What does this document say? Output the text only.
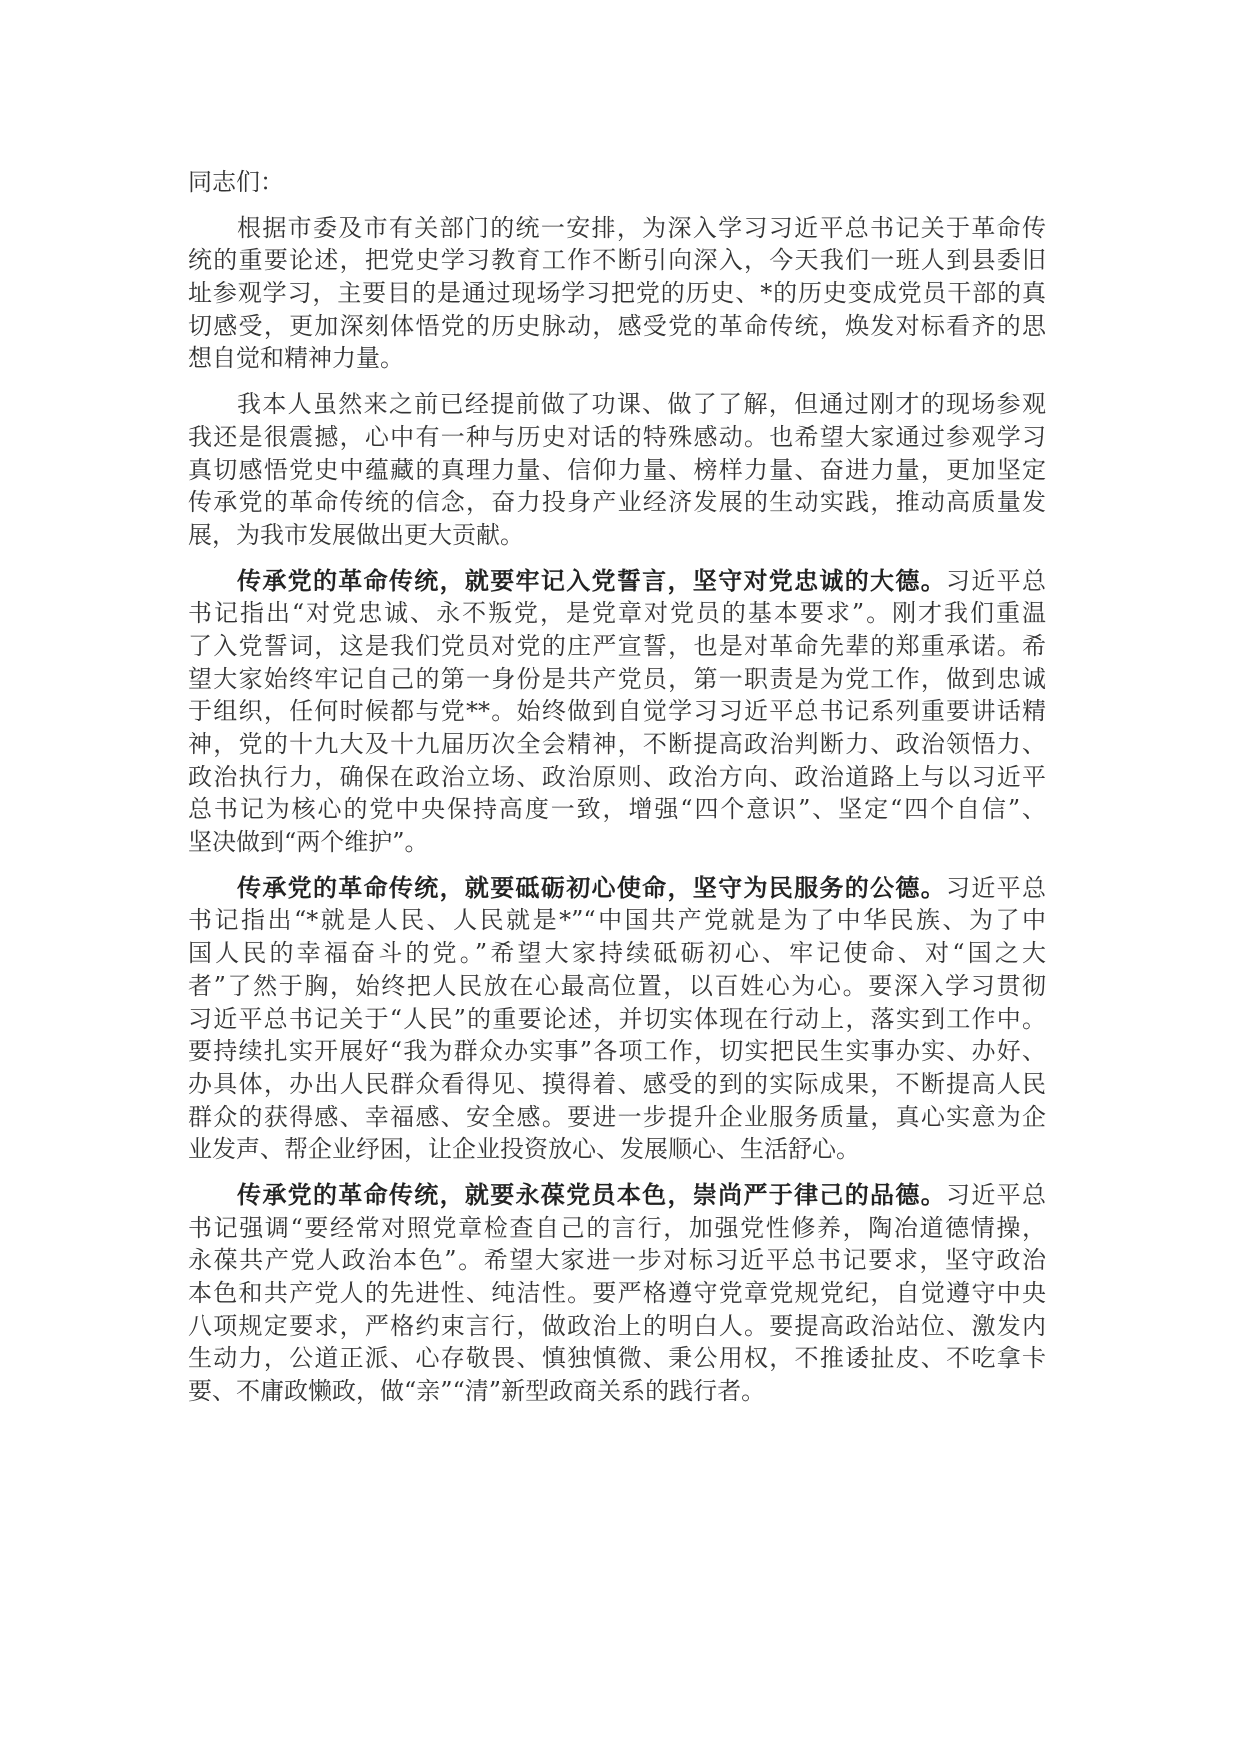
同志们：
根据市委及市有关部门的统一安排，为深入学习习近平总书记关于革命传
统的重要论述，把党史学习教育工作不断引向深入，今天我们一班人到县委旧
址参观学习，主要目的是通过现场学习把党的历史、*的历史变成党员干部的真
切感受，更加深刻体悟党的历史脉动，感受党的革命传统，焕发对标看齐的思
想自觉和精神力量。
我本人虽然来之前已经提前做了功课、做了了解，但通过刚才的现场参观
我还是很震撼，心中有一种与历史对话的特殊感动。也希望大家通过参观学习
真切感悟党史中蕴藏的真理力量、信仰力量、榜样力量、奋进力量，更加坚定
传承党的革命传统的信念，奋力投身产业经济发展的生动实践，推动高质量发
展，为我市发展做出更大贡献。
传承党的革命传统，就要牢记入党誓言，坚守对党忠诚的大德。习近平总
书记指出“对党忠诚、永不叛党，是党章对党员的基本要求”。刚才我们重温
了入党誓词，这是我们党员对党的庄严宣誓，也是对革命先辈的郑重承诺。希
望大家始终牢记自己的第一身份是共产党员，第一职责是为党工作，做到忠诚
于组织，任何时候都与党**。始终做到自觉学习习近平总书记系列重要讲话精
神，党的十九大及十九届历次全会精神，不断提高政治判断力、政治领悟力、
政治执行力，确保在政治立场、政治原则、政治方向、政治道路上与以习近平
总书记为核心的党中央保持高度一致，增强“四个意识”、坚定“四个自信”、
坚决做到“两个维护”。
传承党的革命传统，就要砥砺初心使命，坚守为民服务的公德。习近平总
书记指出“*就是人民、人民就是*”“中国共产党就是为了中华民族、为了中
国人民的幸福奋斗的党。”希望大家持续砥砺初心、牢记使命、对“国之大
者”了然于胸，始终把人民放在心最高位置，以百姓心为心。要深入学习贯彻
习近平总书记关于“人民”的重要论述，并切实体现在行动上，落实到工作中。
要持续扎实开展好“我为群众办实事”各项工作，切实把民生实事办实、办好、
办具体，办出人民群众看得见、摸得着、感受的到的实际成果，不断提高人民
群众的获得感、幸福感、安全感。要进一步提升企业服务质量，真心实意为企
业发声、帮企业纾困，让企业投资放心、发展顺心、生活舒心。
传承党的革命传统，就要永葆党员本色，崇尚严于律己的品德。习近平总
书记强调“要经常对照党章检查自己的言行，加强党性修养，陶冶道德情操，
永葆共产党人政治本色”。希望大家进一步对标习近平总书记要求，坚守政治
本色和共产党人的先进性、纯洁性。要严格遵守党章党规党纪，自觉遵守中央
八项规定要求，严格约束言行，做政治上的明白人。要提高政治站位、激发内
生动力，公道正派、心存敬畏、慎独慎微、秉公用权，不推诿扯皮、不吃拿卡
要、不庸政懒政，做“亲”“清”新型政商关系的践行者。
